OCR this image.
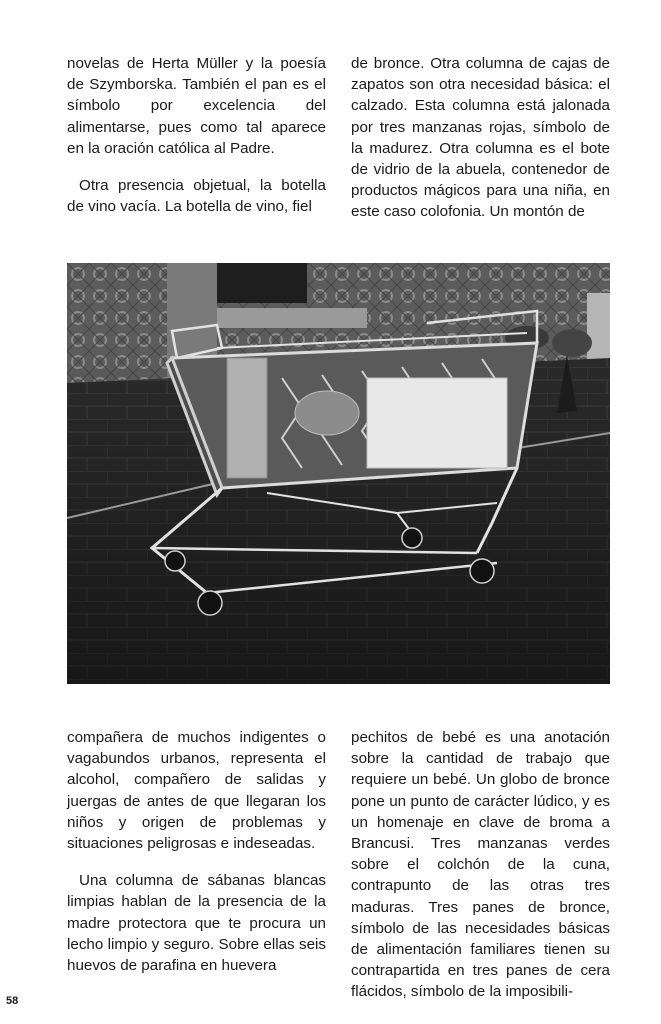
novelas de Herta Müller y la poesía de Szymborska. También el pan es el símbolo por excelencia del alimentarse, pues como tal aparece en la oración católica al Padre.

Otra presencia objetual, la botella de vino vacía. La botella de vino, fiel

de bronce. Otra columna de cajas de zapatos son otra necesidad básica: el calzado. Esta columna está jalonada por tres manzanas rojas, símbolo de la madurez. Otra columna es el bote de vidrio de la abuela, contenedor de productos mágicos para una niña, en este caso colofonia. Un montón de

compañera de muchos indigentes o vagabundos urbanos, representa el alcohol, compañero de salidas y juergas de antes de que llegaran los niños y origen de problemas y situaciones peligrosas e indeseadas.

Una columna de sábanas blancas limpias hablan de la presencia de la madre protectora que te procura un lecho limpio y seguro. Sobre ellas seis huevos de parafina en huevera

pechitos de bebé es una anotación sobre la cantidad de trabajo que requiere un bebé. Un globo de bronce pone un punto de carácter lúdico, y es un homenaje en clave de broma a Brancusi. Tres manzanas verdes sobre el colchón de la cuna, contrapunto de las otras tres maduras. Tres panes de bronce, símbolo de las necesidades básicas de alimentación familiares tienen su contrapartida en tres panes de cera flácidos, símbolo de la imposibili-

58
